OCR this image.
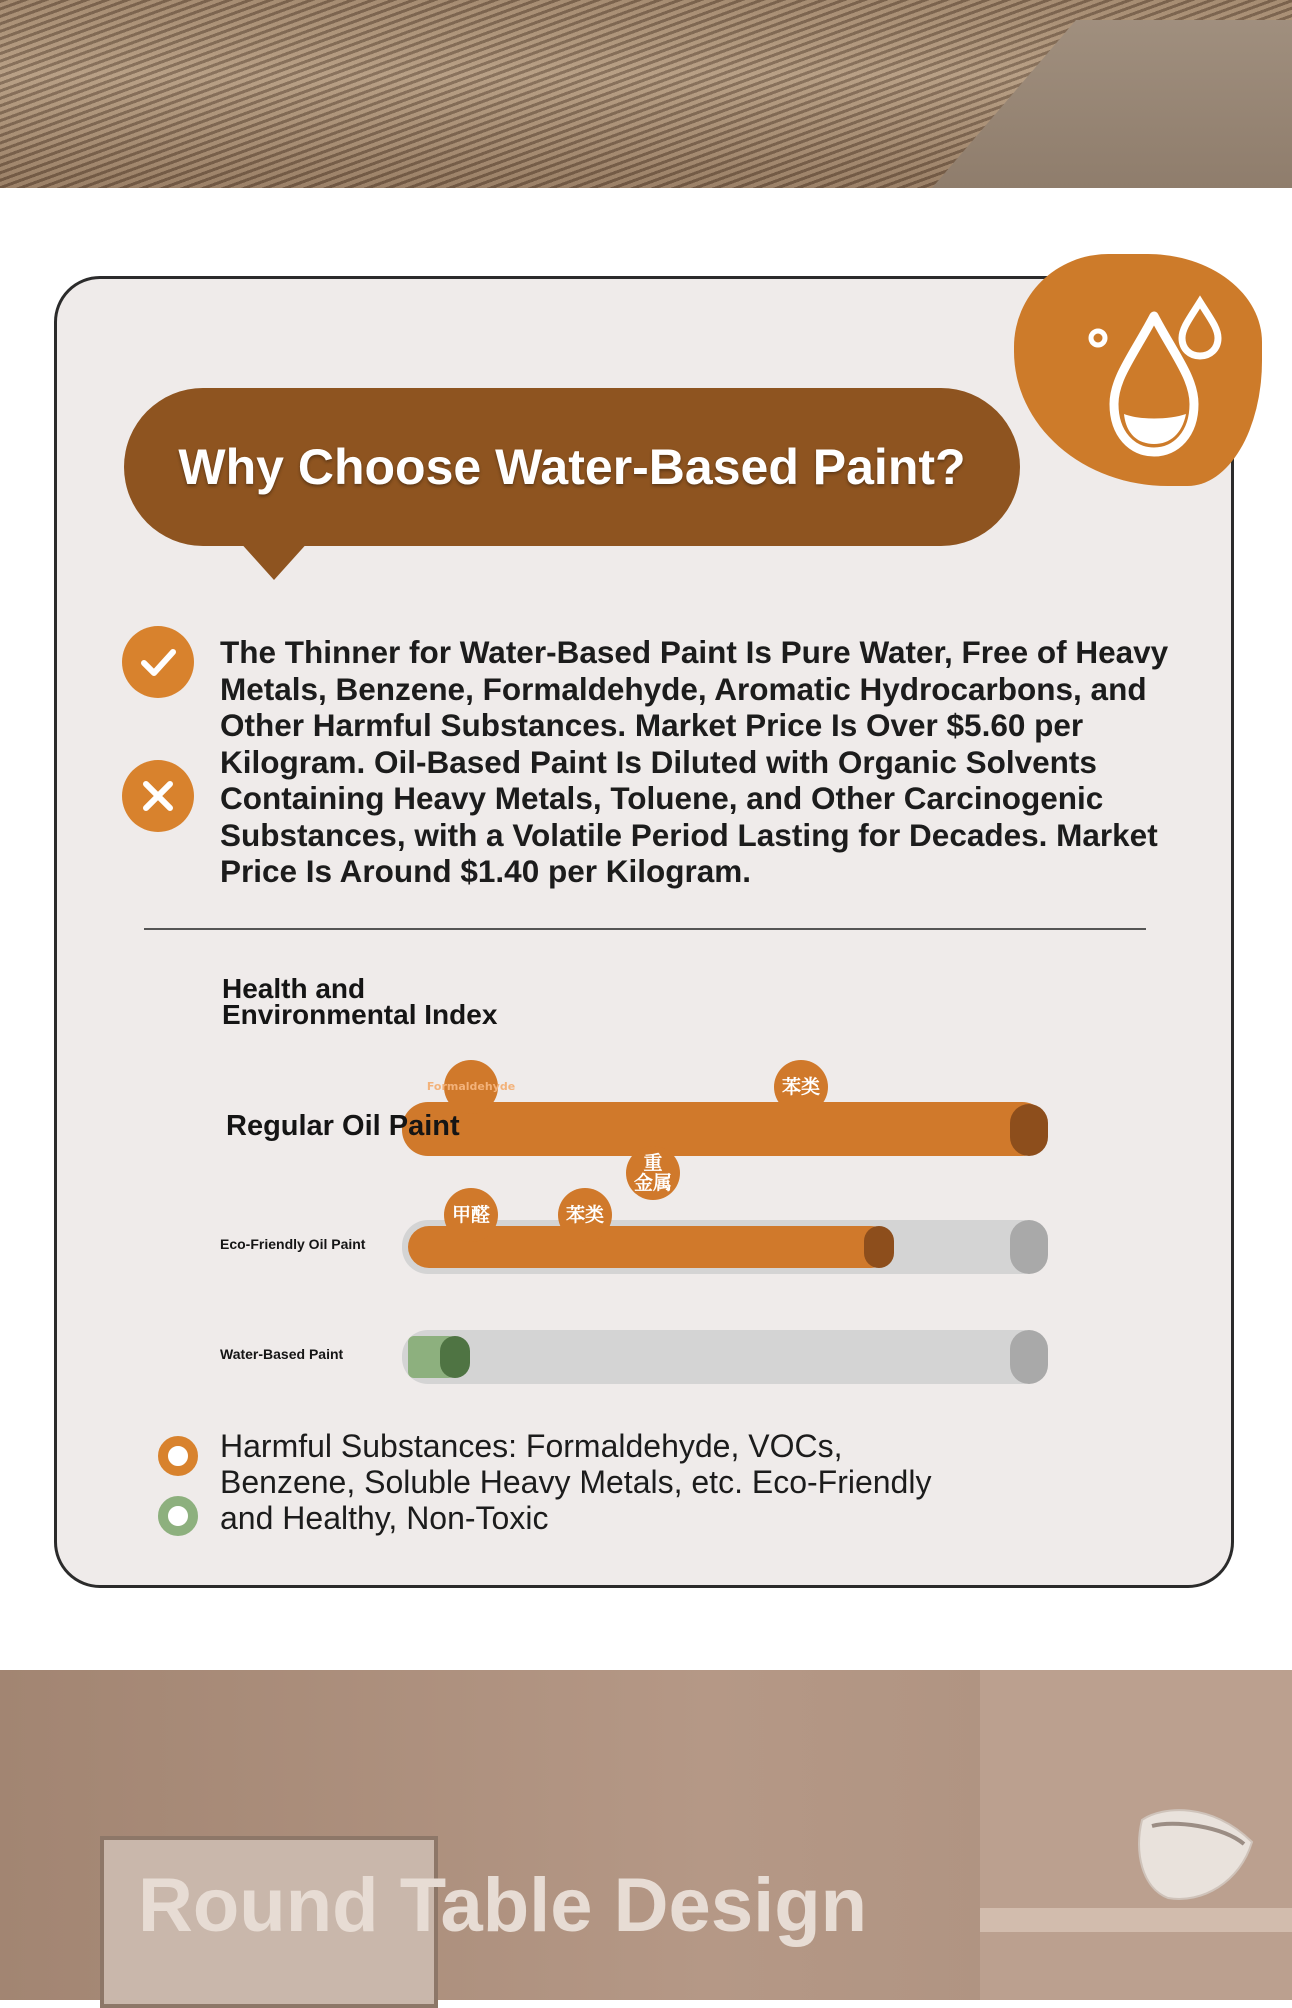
Why Choose Water-Based Paint?
The Thinner for Water-Based Paint Is Pure Water, Free of Heavy Metals, Benzene, Formaldehyde, Aromatic Hydrocarbons, and Other Harmful Substances. Market Price Is Over $5.60 per Kilogram. Oil-Based Paint Is Diluted with Organic Solvents Containing Heavy Metals, Toluene, and Other Carcinogenic Substances, with a Volatile Period Lasting for Decades. Market Price Is Around $1.40 per Kilogram.
Health and
Environmental Index
Regular Oil Paint
Formaldehyde	苯类
Eco-Friendly Oil Paint
甲醛	苯类
重
金属
Water-Based Paint
Harmful Substances: Formaldehyde, VOCs, Benzene, Soluble Heavy Metals, etc. Eco-Friendly and Healthy, Non-Toxic
Round Table Design
